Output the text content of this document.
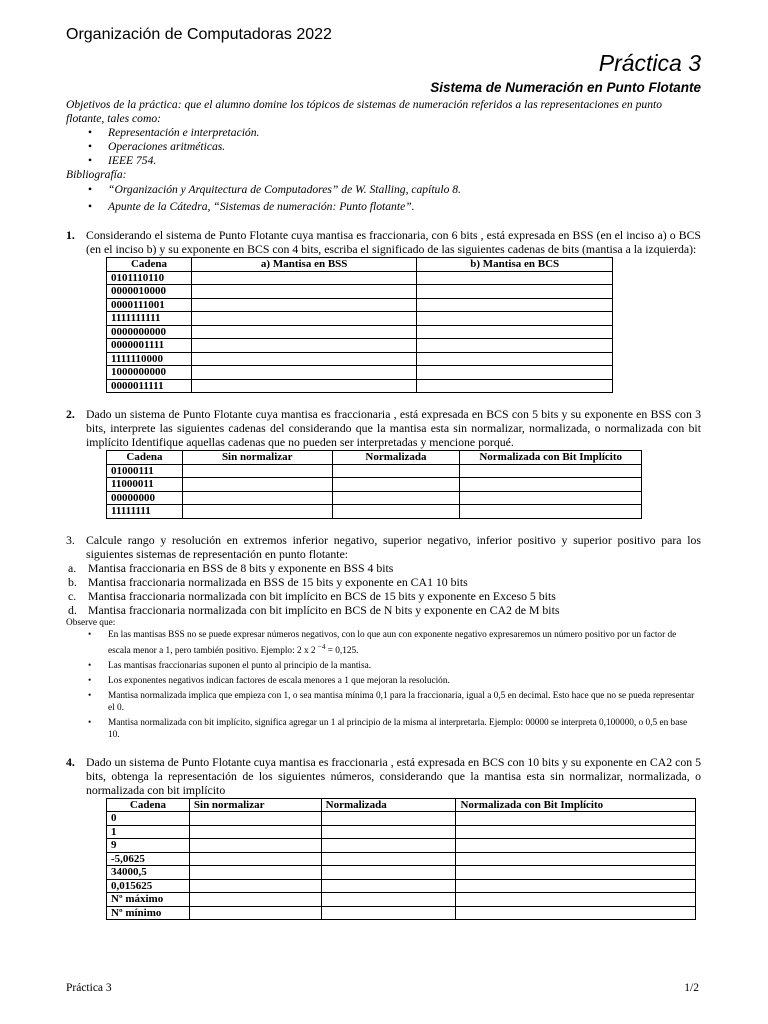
Organización de Computadoras 2022
Práctica 3
Sistema de Numeración en Punto Flotante
Objetivos de la práctica: que el alumno domine los tópicos de sistemas de numeración referidos a las representaciones en punto flotante, tales como:
• Representación e interpretación.
• Operaciones aritméticas.
• IEEE 754.
Bibliografía:
• “Organización y Arquitectura de Computadores” de W. Stalling, capítulo 8.
• Apunte de la Cátedra, “Sistemas de numeración: Punto flotante”.
1. Considerando el sistema de Punto Flotante cuya mantisa es fraccionaria, con 6 bits , está expresada en BSS (en el inciso a) o BCS (en el inciso b) y su exponente en BCS con 4 bits, escriba el significado de las siguientes cadenas de bits (mantisa a la izquierda):
Cadena	a) Mantisa en BSS	b) Mantisa en BCS
0101110110		
0000010000		
0000111001		
1111111111		
0000000000		
0000001111		
1111110000		
1000000000		
0000011111		
2. Dado un sistema de Punto Flotante cuya mantisa es fraccionaria , está expresada en BCS con 5 bits y su exponente en BSS con 3 bits, interprete las siguientes cadenas del considerando que la mantisa esta sin normalizar, normalizada, o normalizada con bit implícito Identifique aquellas cadenas que no pueden ser interpretadas y mencione porqué.
Cadena	Sin normalizar	Normalizada	Normalizada con Bit Implícito
01000111			
11000011			
00000000			
11111111			
3. Calcule rango y resolución en extremos inferior negativo, superior negativo, inferior positivo y superior positivo para los siguientes sistemas de representación en punto flotante:
a. Mantisa fraccionaria en BSS de 8 bits y exponente en BSS 4 bits
b. Mantisa fraccionaria normalizada en BSS de 15 bits y exponente en CA1 10 bits
c. Mantisa fraccionaria normalizada con bit implícito en BCS de 15 bits y exponente en Exceso 5 bits
d. Mantisa fraccionaria normalizada con bit implícito en BCS de N bits y exponente en CA2 de M bits
Observe que:
• En las mantisas BSS no se puede expresar números negativos, con lo que aun con exponente negativo expresaremos un número positivo por un factor de escala menor a 1, pero también positivo. Ejemplo: 2 x 2 $^{-4}$ = 0,125.
• Las mantisas fraccionarias suponen el punto al principio de la mantisa.
• Los exponentes negativos indican factores de escala menores a 1 que mejoran la resolución.
• Mantisa normalizada implica que empieza con 1, o sea mantisa mínima 0,1 para la fraccionaria, igual a 0,5 en decimal. Esto hace que no se pueda representar el 0.
• Mantisa normalizada con bit implícito, significa agregar un 1 al principio de la misma al interpretarla. Ejemplo: 00000 se interpreta 0,100000, o 0,5 en base 10.
4. Dado un sistema de Punto Flotante cuya mantisa es fraccionaria , está expresada en BCS con 10 bits y su exponente en CA2 con 5 bits, obtenga la representación de los siguientes números, considerando que la mantisa esta sin normalizar, normalizada, o normalizada con bit implícito
Cadena	Sin normalizar	Normalizada	Normalizada con Bit Implícito
0			
1			
9			
-5,0625			
34000,5			
0,015625			
Nº máximo			
Nº mínimo			
Práctica 3	1/2
